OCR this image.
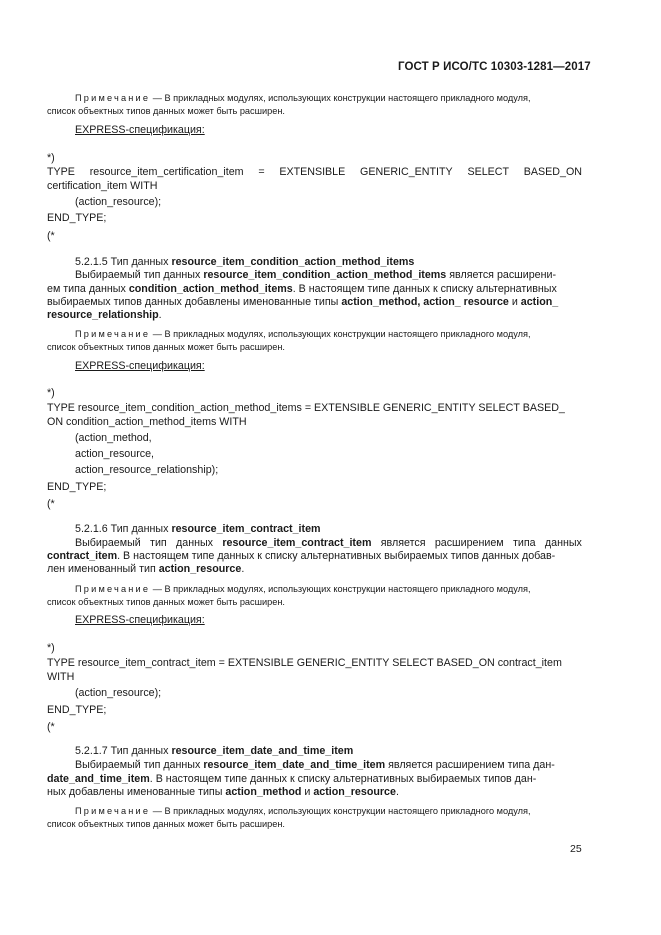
ГОСТ Р ИСО/ТС 10303-1281—2017
Примечание — В прикладных модулях, использующих конструкции настоящего прикладного модуля,
список объектных типов данных может быть расширен.
EXPRESS-спецификация:
*)
TYPE resource_item_certification_item = EXTENSIBLE GENERIC_ENTITY SELECT BASED_ON
certification_item WITH
(action_resource);
END_TYPE;
(*
5.2.1.5 Тип данных resource_item_condition_action_method_items
Выбираемый тип данных resource_item_condition_action_method_items является расширени-
ем типа данных condition_action_method_items. В настоящем типе данных к списку альтернативных
выбираемых типов данных добавлены именованные типы action_method, action_ resource и action_
resource_relationship.
Примечание — В прикладных модулях, использующих конструкции настоящего прикладного модуля,
список объектных типов данных может быть расширен.
EXPRESS-спецификация:
*)
TYPE resource_item_condition_action_method_items = EXTENSIBLE GENERIC_ENTITY SELECT BASED_
ON condition_action_method_items WITH
(action_method,
action_resource,
action_resource_relationship);
END_TYPE;
(*
5.2.1.6 Тип данных resource_item_contract_item
Выбираемый тип данных resource_item_contract_item является расширением типа данных
contract_item. В настоящем типе данных к списку альтернативных выбираемых типов данных добав-
лен именованный тип action_resource.
Примечание — В прикладных модулях, использующих конструкции настоящего прикладного модуля,
список объектных типов данных может быть расширен.
EXPRESS-спецификация:
*)
TYPE resource_item_contract_item = EXTENSIBLE GENERIC_ENTITY SELECT BASED_ON contract_item
WITH
(action_resource);
END_TYPE;
(*
5.2.1.7 Тип данных resource_item_date_and_time_item
Выбираемый тип данных resource_item_date_and_time_item является расширением типа дан-
date_and_time_item. В настоящем типе данных к списку альтернативных выбираемых типов дан-
ных добавлены именованные типы action_method и action_resource.
Примечание — В прикладных модулях, использующих конструкции настоящего прикладного модуля,
список объектных типов данных может быть расширен.
25
